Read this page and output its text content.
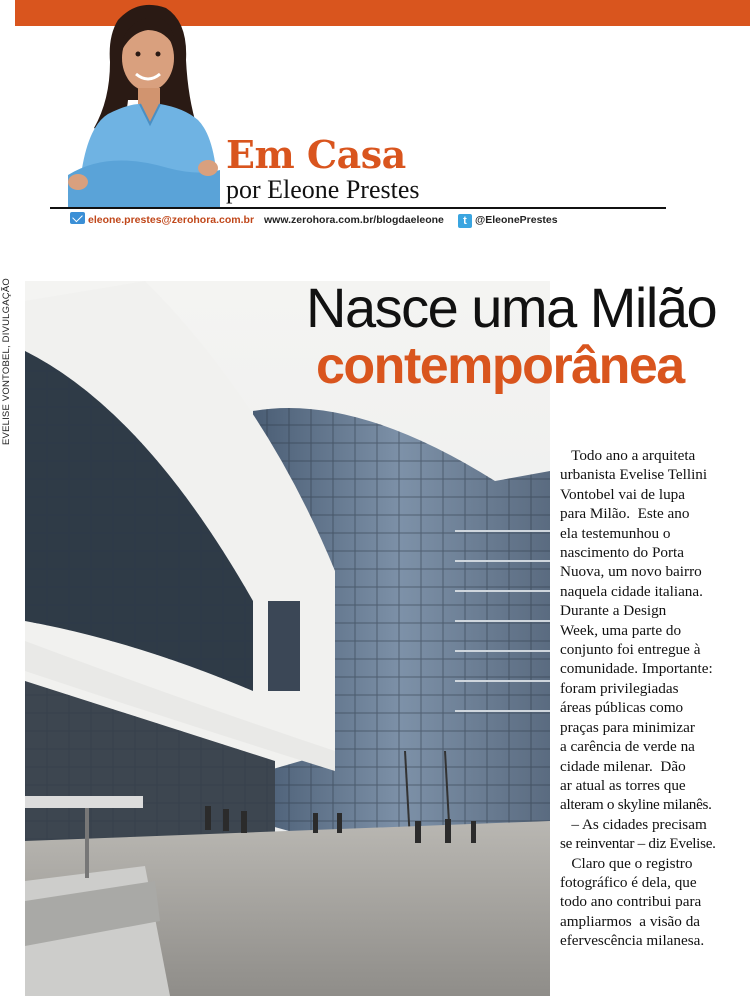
Em Casa
por Eleone Prestes
eleone.prestes@zerohora.com.br www.zerohora.com.br/blogdaeleone	t @EleonePrestes
EVELISE VONTOBEL, DIVULGAÇÃO	Nasce uma Milão
contemporânea
Todo ano a arquiteta
urbanista Evelise Tellini
Vontobel vai de lupa
para Milão.  Este ano
ela testemunhou o
nascimento do Porta
Nuova, um novo bairro
naquela cidade italiana.
Durante a Design
Week, uma parte do
conjunto foi entregue à
comunidade. Importante:
foram privilegiadas
áreas públicas como
praças para minimizar
a carência de verde na
cidade milenar.  Dão
ar atual as torres que
alteram o skyline milanês.
– As cidades precisam
se reinventar – diz Evelise.
Claro que o registro
fotográfico é dela, que
todo ano contribui para
ampliarmos  a visão da
efervescência milanesa.
